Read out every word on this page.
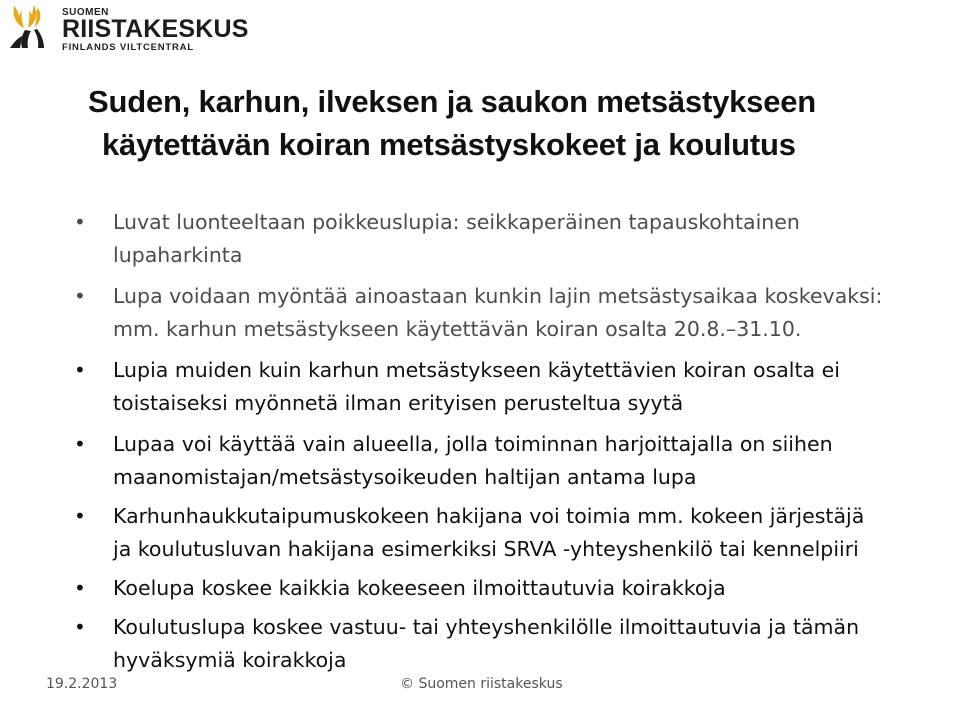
SUOMEN
RIISTAKESKUS
FINLANDS VILTCENTRAL
Suden, karhun, ilveksen ja saukon metsästykseen
käytettävän koiran metsästyskokeet ja koulutus
• Luvat luonteeltaan poikkeuslupia: seikkaperäinen tapauskohtainen
lupaharkinta
• Lupa voidaan myöntää ainoastaan kunkin lajin metsästysaikaa koskevaksi:
mm. karhun metsästykseen käytettävän koiran osalta 20.8.–31.10.
• Lupia muiden kuin karhun metsästykseen käytettävien koiran osalta ei
toistaiseksi myönnetä ilman erityisen perusteltua syytä
• Lupaa voi käyttää vain alueella, jolla toiminnan harjoittajalla on siihen
maanomistajan/metsästysoikeuden haltijan antama lupa
• Karhunhaukkutaipumuskokeen hakijana voi toimia mm. kokeen järjestäjä
ja koulutusluvan hakijana esimerkiksi SRVA -yhteyshenkilö tai kennelpiiri
• Koelupa koskee kaikkia kokeeseen ilmoittautuvia koirakkoja
• Koulutuslupa koskee vastuu- tai yhteyshenkilölle ilmoittautuvia ja tämän
hyväksymiä koirakkoja
19.2.2013	© Suomen riistakeskus
